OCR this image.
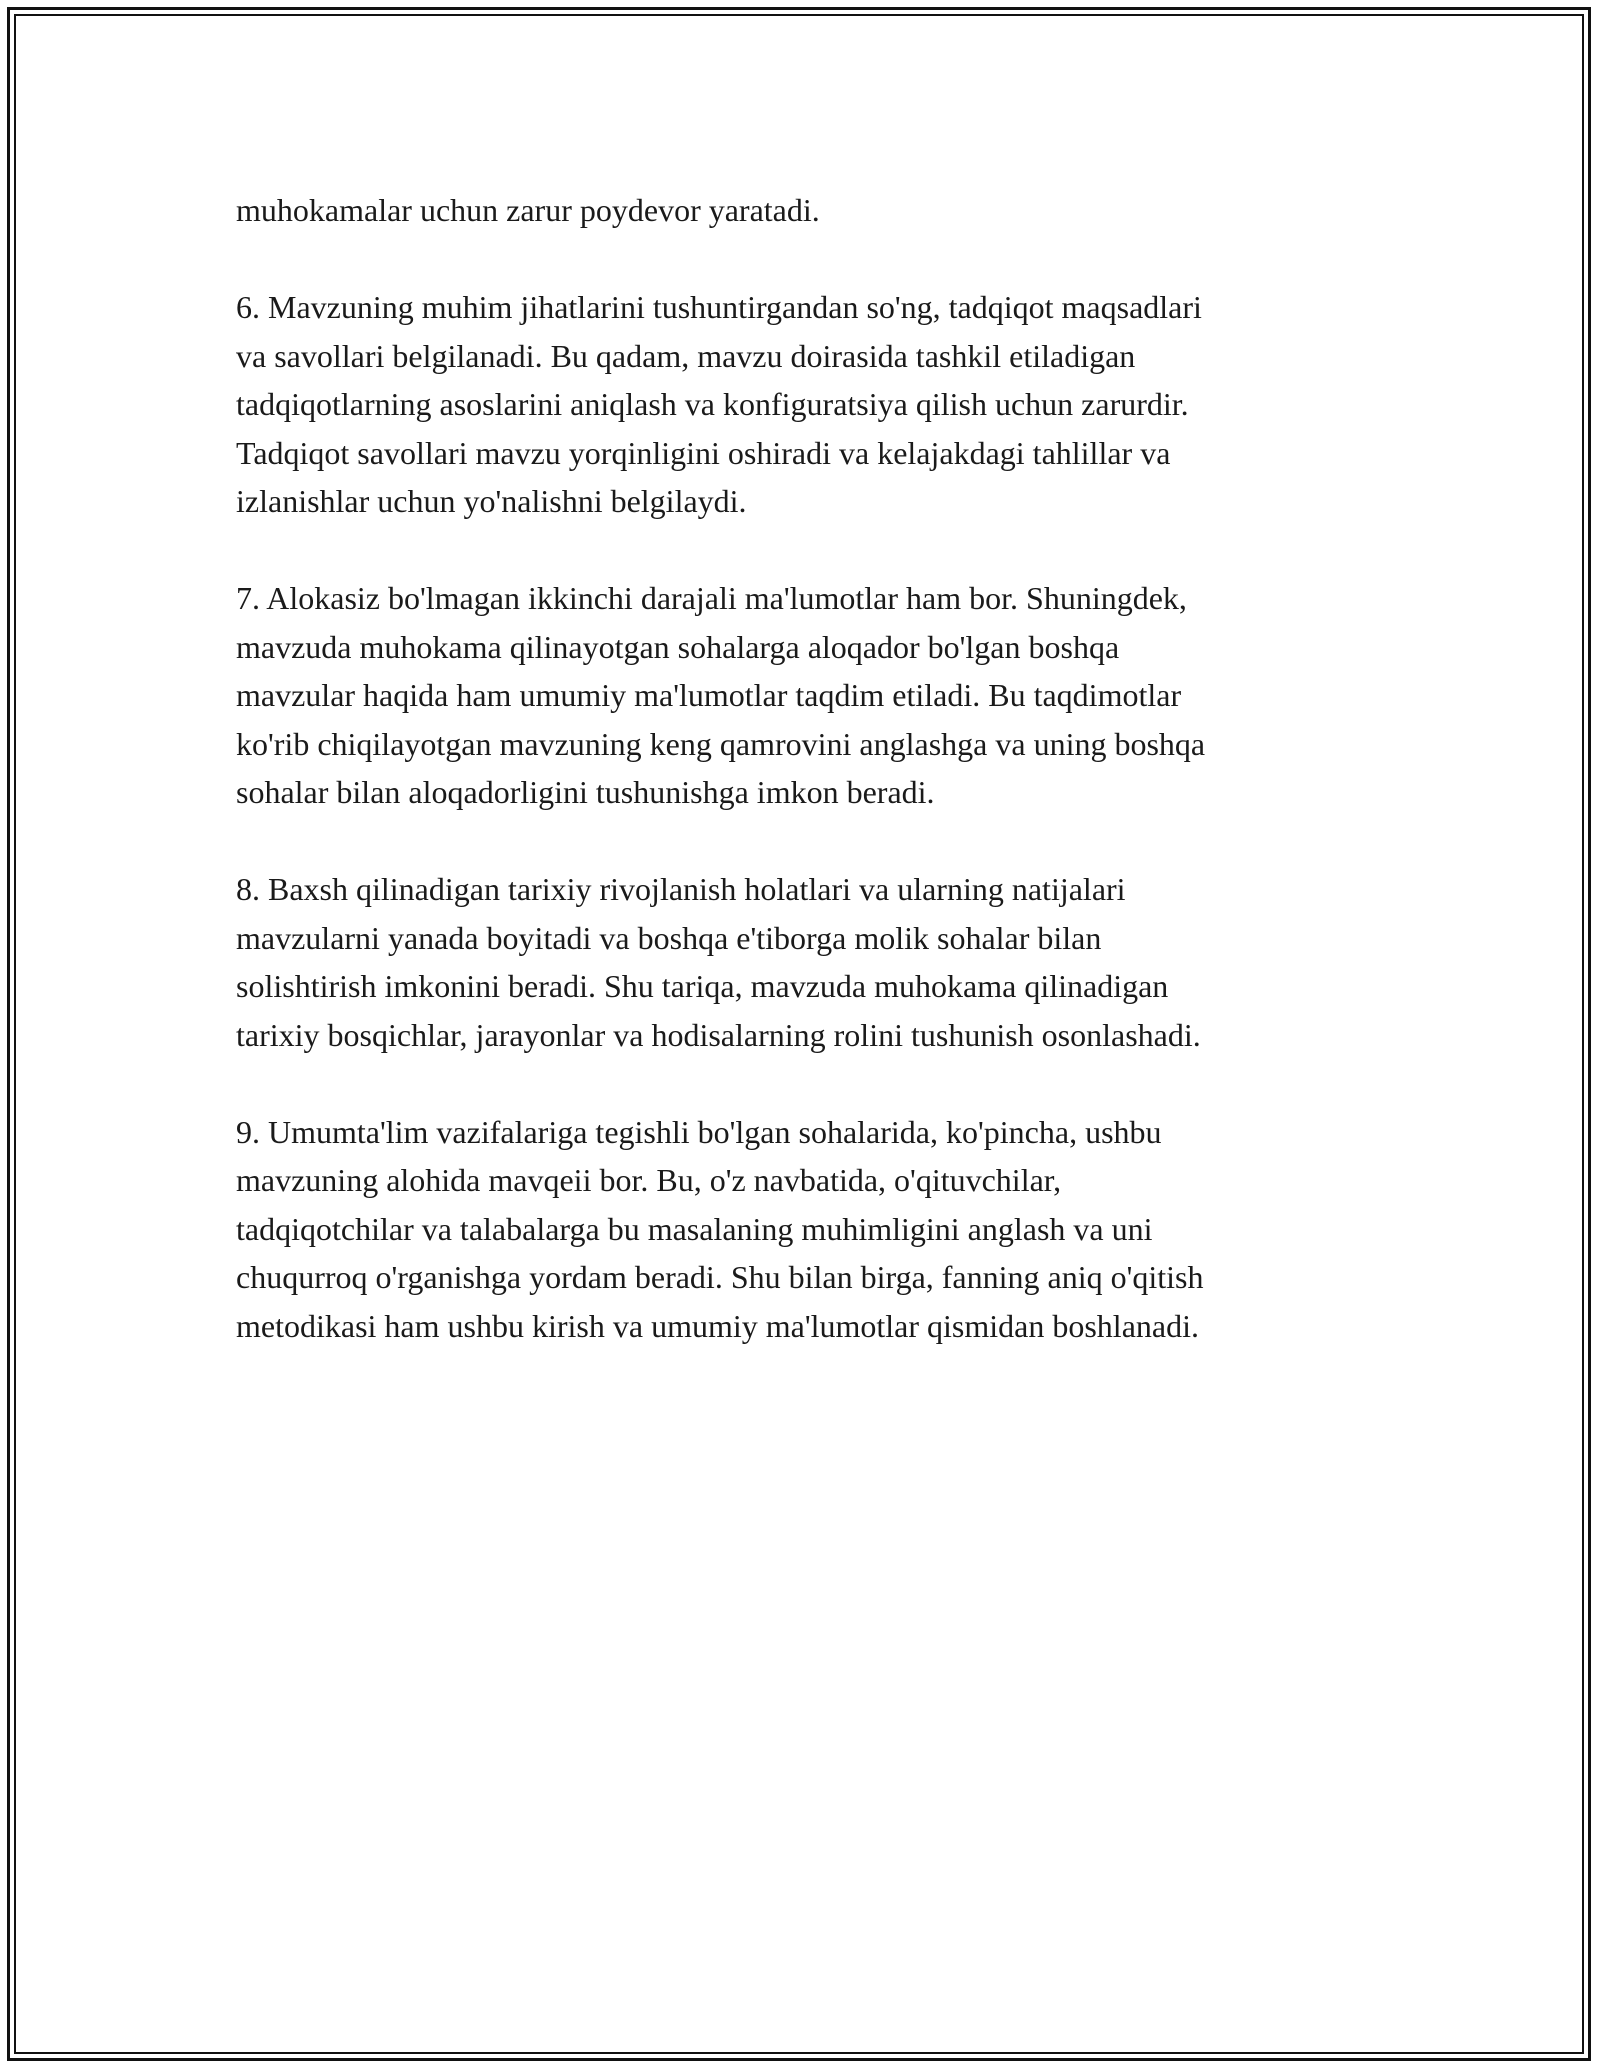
muhokamalar uchun zarur poydevor yaratadi.

6. Mavzuning muhim jihatlarini tushuntirgandan so'ng, tadqiqot maqsadlari
va savollari belgilanadi. Bu qadam, mavzu doirasida tashkil etiladigan
tadqiqotlarning asoslarini aniqlash va konfiguratsiya qilish uchun zarurdir.
Tadqiqot savollari mavzu yorqinligini oshiradi va kelajakdagi tahlillar va
izlanishlar uchun yo'nalishni belgilaydi.

7. Alokasiz bo'lmagan ikkinchi darajali ma'lumotlar ham bor. Shuningdek,
mavzuda muhokama qilinayotgan sohalarga aloqador bo'lgan boshqa
mavzular haqida ham umumiy ma'lumotlar taqdim etiladi. Bu taqdimotlar
ko'rib chiqilayotgan mavzuning keng qamrovini anglashga va uning boshqa
sohalar bilan aloqadorligini tushunishga imkon beradi.

8. Baxsh qilinadigan tarixiy rivojlanish holatlari va ularning natijalari
mavzularni yanada boyitadi va boshqa e'tiborga molik sohalar bilan
solishtirish imkonini beradi. Shu tariqa, mavzuda muhokama qilinadigan
tarixiy bosqichlar, jarayonlar va hodisalarning rolini tushunish osonlashadi.

9. Umumta'lim vazifalariga tegishli bo'lgan sohalarida, ko'pincha, ushbu
mavzuning alohida mavqeii bor. Bu, o'z navbatida, o'qituvchilar,
tadqiqotchilar va talabalarga bu masalaning muhimligini anglash va uni
chuqurroq o'rganishga yordam beradi. Shu bilan birga, fanning aniq o'qitish
metodikasi ham ushbu kirish va umumiy ma'lumotlar qismidan boshlanadi.
